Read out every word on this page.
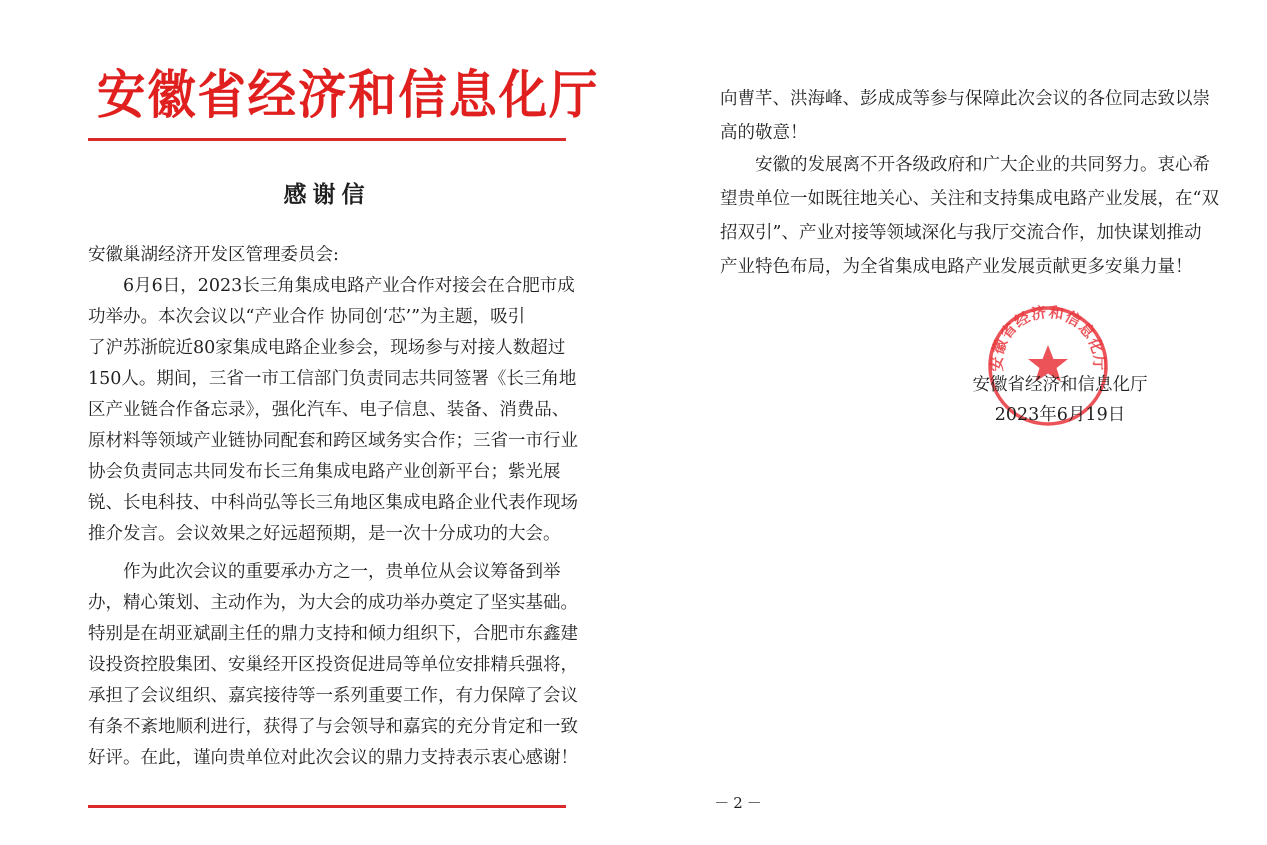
安徽省经济和信息化厅
感谢信
安徽巢湖经济开发区管理委员会:
6月6日，2023长三角集成电路产业合作对接会在合肥市成
功举办。本次会议以“产业合作 协同创‘芯’”为主题，吸引
了沪苏浙皖近80家集成电路企业参会，现场参与对接人数超过
150人。期间，三省一市工信部门负责同志共同签署《长三角地
区产业链合作备忘录》，强化汽车、电子信息、装备、消费品、
原材料等领域产业链协同配套和跨区域务实合作；三省一市行业
协会负责同志共同发布长三角集成电路产业创新平台；紫光展
锐、长电科技、中科尚弘等长三角地区集成电路企业代表作现场
推介发言。会议效果之好远超预期，是一次十分成功的大会。
作为此次会议的重要承办方之一，贵单位从会议筹备到举
办，精心策划、主动作为，为大会的成功举办奠定了坚实基础。
特别是在胡亚斌副主任的鼎力支持和倾力组织下，合肥市东鑫建
设投资控股集团、安巢经开区投资促进局等单位安排精兵强将，
承担了会议组织、嘉宾接待等一系列重要工作，有力保障了会议
有条不紊地顺利进行，获得了与会领导和嘉宾的充分肯定和一致
好评。在此，谨向贵单位对此次会议的鼎力支持表示衷心感谢！
向曹芊、洪海峰、彭成成等参与保障此次会议的各位同志致以崇
高的敬意！
安徽的发展离不开各级政府和广大企业的共同努力。衷心希
望贵单位一如既往地关心、关注和支持集成电路产业发展，在“双
招双引”、产业对接等领域深化与我厅交流合作，加快谋划推动
产业特色布局，为全省集成电路产业发展贡献更多安巢力量！
安徽省经济和信息化厅
安徽省经济和信息化厅
2023年6月19日
－2－
